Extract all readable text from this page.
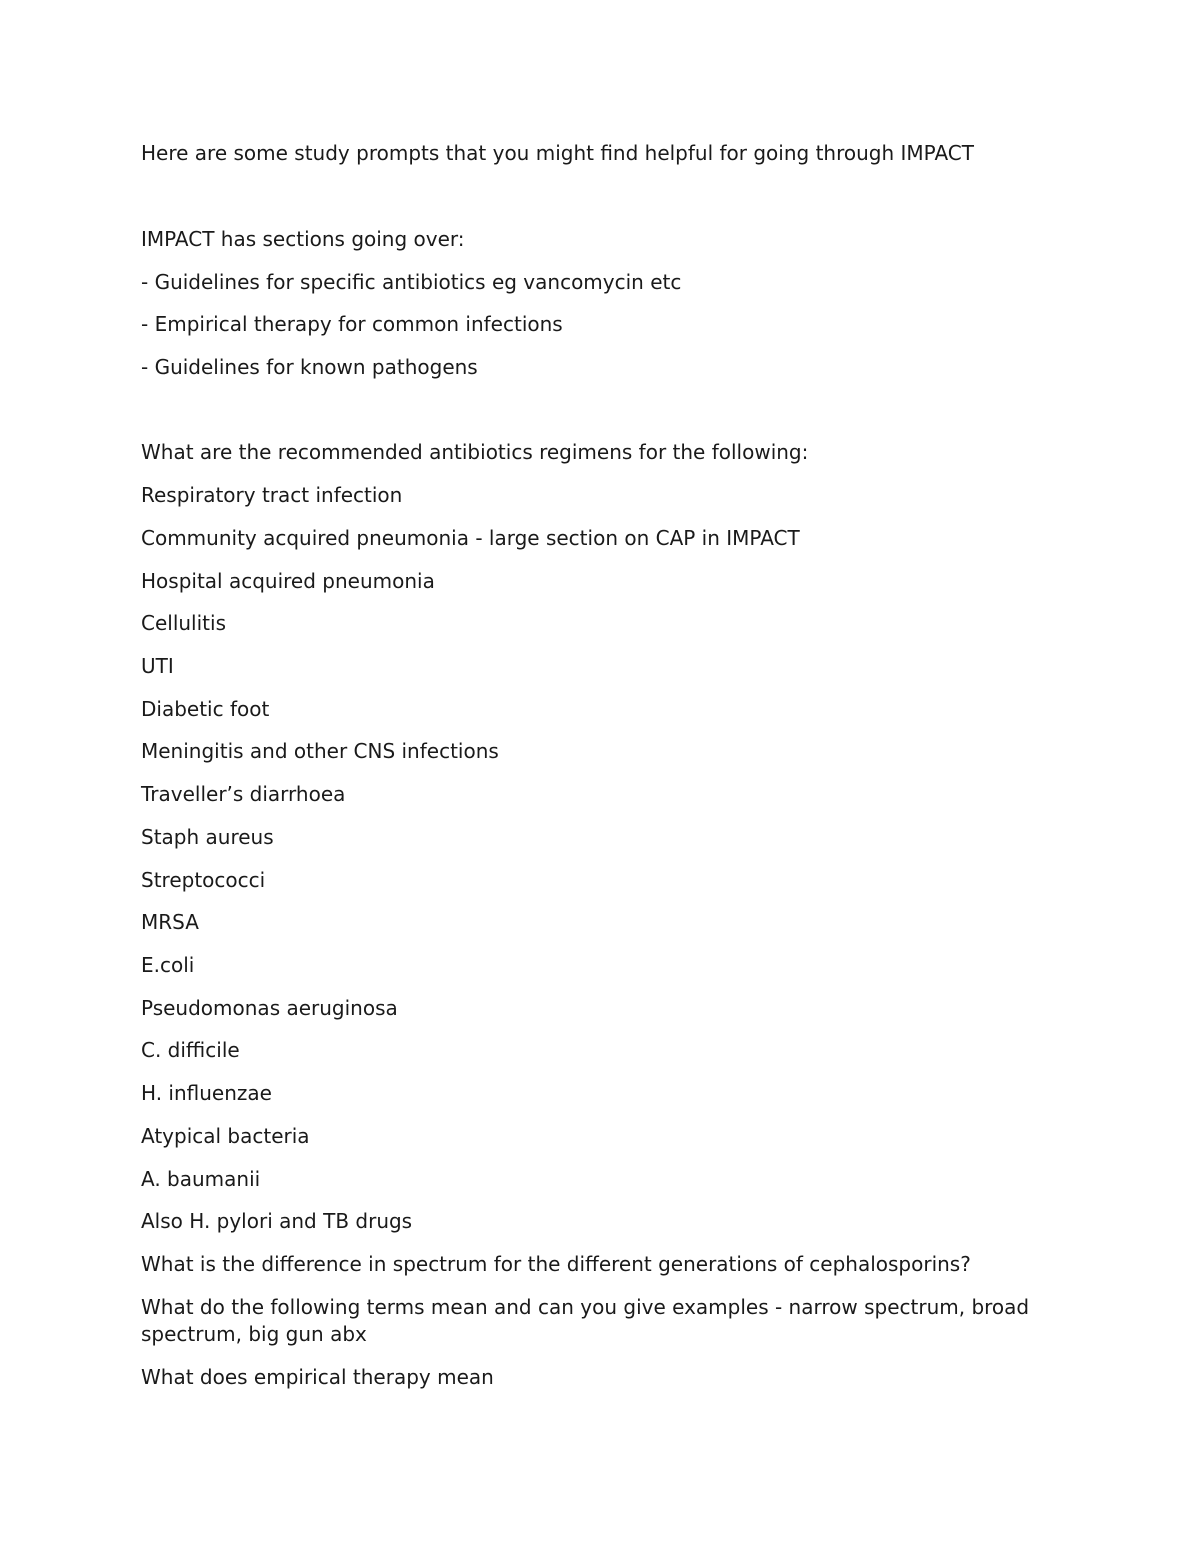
Here are some study prompts that you might find helpful for going through IMPACT

IMPACT has sections going over:

- Guidelines for specific antibiotics eg vancomycin etc

- Empirical therapy for common infections

- Guidelines for known pathogens

What are the recommended antibiotics regimens for the following:

Respiratory tract infection

Community acquired pneumonia - large section on CAP in IMPACT

Hospital acquired pneumonia

Cellulitis

UTI

Diabetic foot

Meningitis and other CNS infections

Traveller’s diarrhoea

Staph aureus

Streptococci

MRSA

E.coli

Pseudomonas aeruginosa

C. difficile

H. influenzae

Atypical bacteria

A. baumanii

Also H. pylori and TB drugs

What is the difference in spectrum for the different generations of cephalosporins?

What do the following terms mean and can you give examples - narrow spectrum, broad spectrum, big gun abx

What does empirical therapy mean
